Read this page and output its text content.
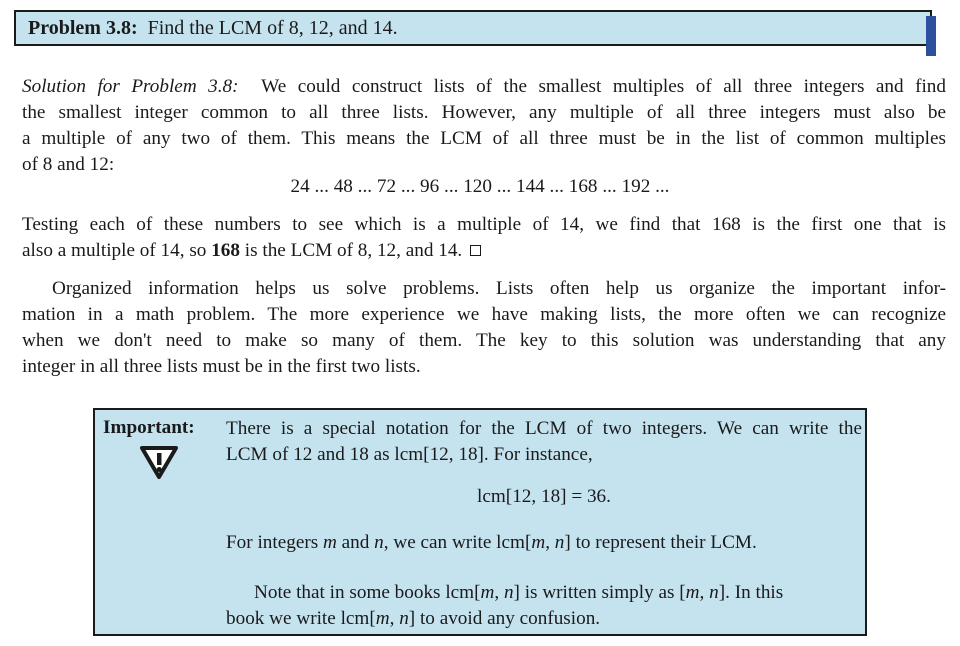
Problem 3.8: Find the LCM of 8, 12, and 14.
Solution for Problem 3.8: We could construct lists of the smallest multiples of all three integers and find
the smallest integer common to all three lists. However, any multiple of all three integers must also be
a multiple of any two of them. This means the LCM of all three must be in the list of common multiples
of 8 and 12:
24 ... 48 ... 72 ... 96 ... 120 ... 144 ... 168 ... 192 ...
Testing each of these numbers to see which is a multiple of 14, we find that 168 is the first one that is
also a multiple of 14, so 168 is the LCM of 8, 12, and 14.
Organized information helps us solve problems. Lists often help us organize the important infor-
mation in a math problem. The more experience we have making lists, the more often we can recognize
when we don't need to make so many of them. The key to this solution was understanding that any
integer in all three lists must be in the first two lists.
Important: There is a special notation for the LCM of two integers. We can write the
LCM of 12 and 18 as lcm[12, 18]. For instance,
lcm[12, 18] = 36.
For integers m and n, we can write lcm[m, n] to represent their LCM.
Note that in some books lcm[m, n] is written simply as [m, n]. In this
book we write lcm[m, n] to avoid any confusion.
